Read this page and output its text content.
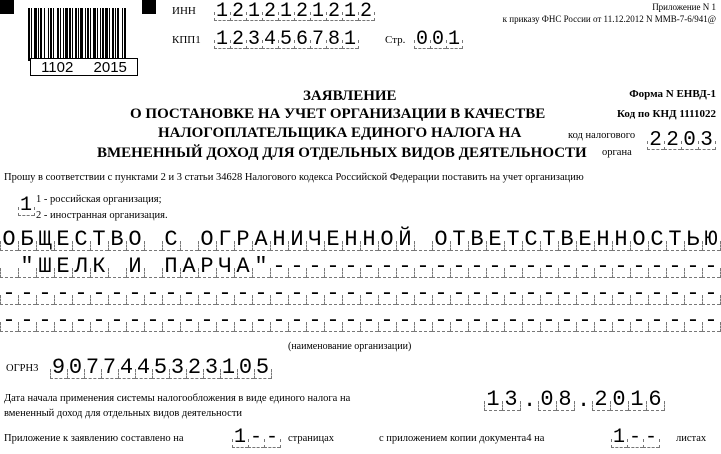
1102 2015
ИНН 1 2 1 2 1 2 1 2 1 2
КПП1 1 2 3 4 5 6 7 8 1	Стр. 0 0 1
Приложение N 1
к приказу ФНС России от 11.12.2012 N ММВ-7-6/941@
ЗАЯВЛЕНИЕ
О ПОСТАНОВКЕ НА УЧЕТ ОРГАНИЗАЦИИ В КАЧЕСТВЕ
НАЛОГОПЛАТЕЛЬЩИКА ЕДИНОГО НАЛОГА НА
ВМЕНЕННЫЙ ДОХОД ДЛЯ ОТДЕЛЬНЫХ ВИДОВ ДЕЯТЕЛЬНОСТИ
Форма N ЕНВД-1
Код по КНД 1111022
код налогового
органа
2 2 0 3
Прошу в соответствии с пунктами 2 и 3 статьи 34628 Налогового кодекса Российской Федерации поставить на учет организацию
1 1 - российская организация;
2 - иностранная организация.
О Б Щ Е С Т В О С О Г Р А Н И Ч Е Н Н О Й О Т В Е Т С Т В Е Н Н О С Т Ь Ю
" Ш Е Л К И П А Р Ч А " - - - - - - - - - - - - - - - - - - - - - - - - -
- - - - - - - - - - - - - - - - - - - - - - - - - - - - - - - - - - - - - - - -
- - - - - - - - - - - - - - - - - - - - - - - - - - - - - - - - - - - - - - - -
(наименование организации)
ОГРН3 9 0 7 7 4 4 5 3 2 3 1 0 5
Дата начала применения системы налогообложения в виде единого налога на
вмененный доход для отдельных видов деятельности
1 3 . 0 8 . 2 0 1 6
Приложение к заявлению составлено на	1 - - страницах	с приложением копии документа4 на	1 - - листах
